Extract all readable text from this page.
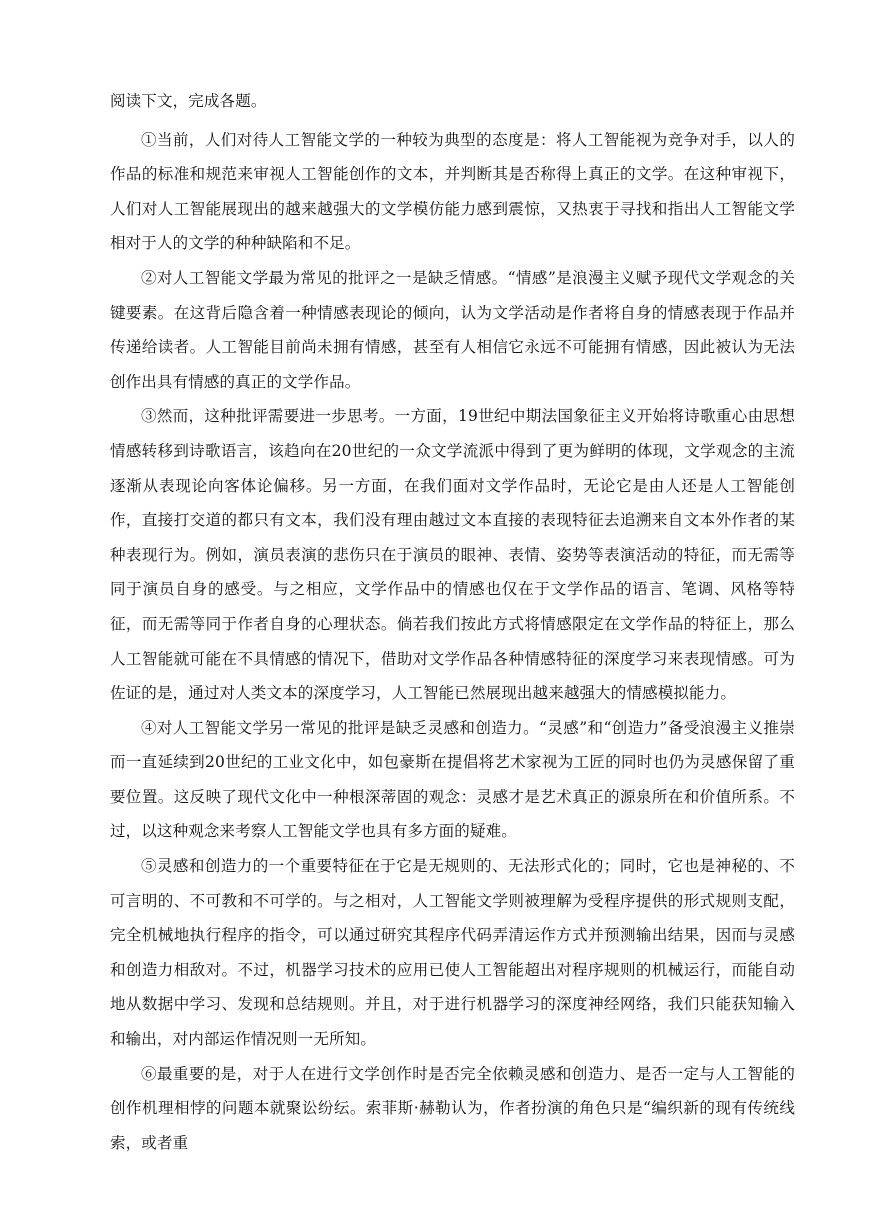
阅读下文，完成各题。

①当前，人们对待人工智能文学的一种较为典型的态度是：将人工智能视为竞争对手，以人的作品的标准和规范来审视人工智能创作的文本，并判断其是否称得上真正的文学。在这种审视下，人们对人工智能展现出的越来越强大的文学模仿能力感到震惊，又热衷于寻找和指出人工智能文学相对于人的文学的种种缺陷和不足。

②对人工智能文学最为常见的批评之一是缺乏情感。“情感”是浪漫主义赋予现代文学观念的关键要素。在这背后隐含着一种情感表现论的倾向，认为文学活动是作者将自身的情感表现于作品并传递给读者。人工智能目前尚未拥有情感，甚至有人相信它永远不可能拥有情感，因此被认为无法创作出具有情感的真正的文学作品。

③然而，这种批评需要进一步思考。一方面，19世纪中期法国象征主义开始将诗歌重心由思想情感转移到诗歌语言，该趋向在20世纪的一众文学流派中得到了更为鲜明的体现，文学观念的主流逐渐从表现论向客体论偏移。另一方面，在我们面对文学作品时，无论它是由人还是人工智能创作，直接打交道的都只有文本，我们没有理由越过文本直接的表现特征去追溯来自文本外作者的某种表现行为。例如，演员表演的悲伤只在于演员的眼神、表情、姿势等表演活动的特征，而无需等同于演员自身的感受。与之相应，文学作品中的情感也仅在于文学作品的语言、笔调、风格等特征，而无需等同于作者自身的心理状态。倘若我们按此方式将情感限定在文学作品的特征上，那么人工智能就可能在不具情感的情况下，借助对文学作品各种情感特征的深度学习来表现情感。可为佐证的是，通过对人类文本的深度学习，人工智能已然展现出越来越强大的情感模拟能力。

④对人工智能文学另一常见的批评是缺乏灵感和创造力。“灵感”和“创造力”备受浪漫主义推崇而一直延续到20世纪的工业文化中，如包豪斯在提倡将艺术家视为工匠的同时也仍为灵感保留了重要位置。这反映了现代文化中一种根深蒂固的观念：灵感才是艺术真正的源泉所在和价值所系。不过，以这种观念来考察人工智能文学也具有多方面的疑难。

⑤灵感和创造力的一个重要特征在于它是无规则的、无法形式化的；同时，它也是神秘的、不可言明的、不可教和不可学的。与之相对，人工智能文学则被理解为受程序提供的形式规则支配，完全机械地执行程序的指令，可以通过研究其程序代码弄清运作方式并预测输出结果，因而与灵感和创造力相敌对。不过，机器学习技术的应用已使人工智能超出对程序规则的机械运行，而能自动地从数据中学习、发现和总结规则。并且，对于进行机器学习的深度神经网络，我们只能获知输入和输出，对内部运作情况则一无所知。

⑥最重要的是，对于人在进行文学创作时是否完全依赖灵感和创造力、是否一定与人工智能的创作机理相悖的问题本就聚讼纷纭。索菲斯·赫勒认为，作者扮演的角色只是“编织新的现有传统线索，或者重
